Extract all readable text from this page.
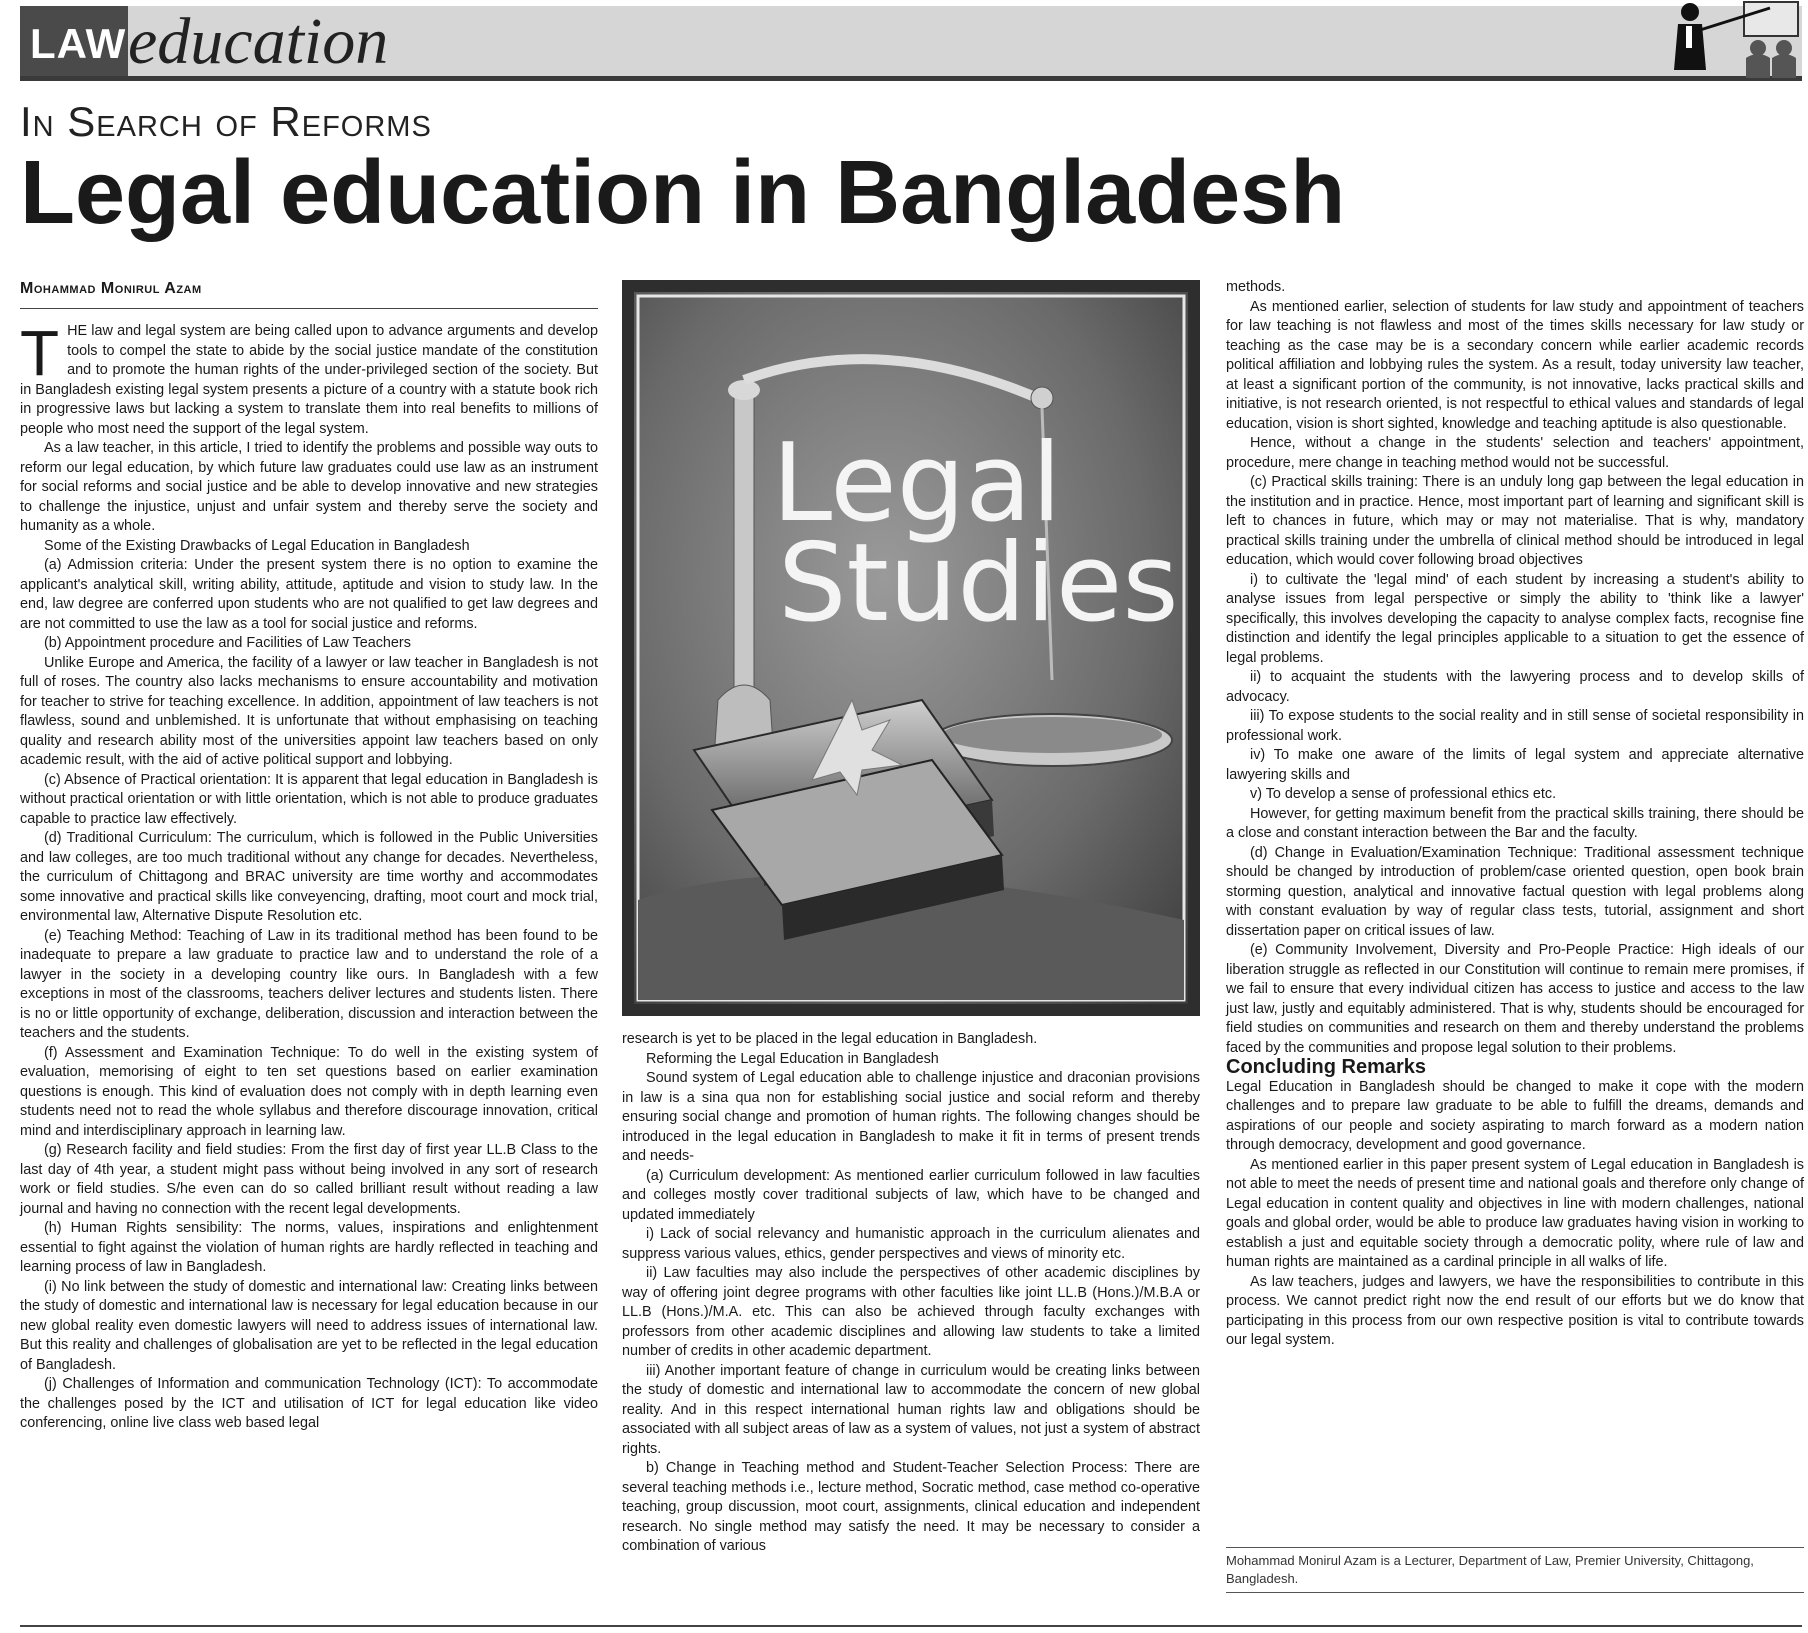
LAW education
In Search of Reforms
Legal education in Bangladesh
Mohammad Monirul Azam

THE law and legal system are being called upon to advance arguments and develop tools to compel the state to abide by the social justice mandate of the constitution and to promote the human rights of the under-privileged section of the society. But in Bangladesh existing legal system presents a picture of a country with a statute book rich in progressive laws but lacking a system to translate them into real benefits to millions of people who most need the support of the legal system.

As a law teacher, in this article, I tried to identify the problems and possible way outs to reform our legal education, by which future law graduates could use law as an instrument for social reforms and social justice and be able to develop innovative and new strategies to challenge the injustice, unjust and unfair system and thereby serve the society and humanity as a whole.

Some of the Existing Drawbacks of Legal Education in Bangladesh

(a) Admission criteria: Under the present system there is no option to examine the applicant's analytical skill, writing ability, attitude, aptitude and vision to study law. In the end, law degree are conferred upon students who are not qualified to get law degrees and are not committed to use the law as a tool for social justice and reforms.

(b) Appointment procedure and Facilities of Law Teachers

Unlike Europe and America, the facility of a lawyer or law teacher in Bangladesh is not full of roses. The country also lacks mechanisms to ensure accountability and motivation for teacher to strive for teaching excellence. In addition, appointment of law teachers is not flawless, sound and unblemished. It is unfortunate that without emphasising on teaching quality and research ability most of the universities appoint law teachers based on only academic result, with the aid of active political support and lobbying.

(c) Absence of Practical orientation: It is apparent that legal education in Bangladesh is without practical orientation or with little orientation, which is not able to produce graduates capable to practice law effectively.

(d) Traditional Curriculum: The curriculum, which is followed in the Public Universities and law colleges, are too much traditional without any change for decades. Nevertheless, the curriculum of Chittagong and BRAC university are time worthy and accommodates some innovative and practical skills like conveyencing, drafting, moot court and mock trial, environmental law, Alternative Dispute Resolution etc.

(e) Teaching Method: Teaching of Law in its traditional method has been found to be inadequate to prepare a law graduate to practice law and to understand the role of a lawyer in the society in a developing country like ours. In Bangladesh with a few exceptions in most of the classrooms, teachers deliver lectures and students listen. There is no or little opportunity of exchange, deliberation, discussion and interaction between the teachers and the students.

(f) Assessment and Examination Technique: To do well in the existing system of evaluation, memorising of eight to ten set questions based on earlier examination questions is enough. This kind of evaluation does not comply with in depth learning even students need not to read the whole syllabus and therefore discourage innovation, critical mind and interdisciplinary approach in learning law.

(g) Research facility and field studies: From the first day of first year LL.B Class to the last day of 4th year, a student might pass without being involved in any sort of research work or field studies. S/he even can do so called brilliant result without reading a law journal and having no connection with the recent legal developments.

(h) Human Rights sensibility: The norms, values, inspirations and enlightenment essential to fight against the violation of human rights are hardly reflected in teaching and learning process of law in Bangladesh.

(i) No link between the study of domestic and international law: Creating links between the study of domestic and international law is necessary for legal education because in our new global reality even domestic lawyers will need to address issues of international law. But this reality and challenges of globalisation are yet to be reflected in the legal education of Bangladesh.

(j) Challenges of Information and communication Technology (ICT): To accommodate the challenges posed by the ICT and utilisation of ICT for legal education like video conferencing, online live class web based legal

Legal
Studies

research is yet to be placed in the legal education in Bangladesh.

Reforming the Legal Education in Bangladesh

Sound system of Legal education able to challenge injustice and draconian provisions in law is a sina qua non for establishing social justice and social reform and thereby ensuring social change and promotion of human rights. The following changes should be introduced in the legal education in Bangladesh to make it fit in terms of present trends and needs-

(a) Curriculum development: As mentioned earlier curriculum followed in law faculties and colleges mostly cover traditional subjects of law, which have to be changed and updated immediately

i) Lack of social relevancy and humanistic approach in the curriculum alienates and suppress various values, ethics, gender perspectives and views of minority etc.

ii) Law faculties may also include the perspectives of other academic disciplines by way of offering joint degree programs with other faculties like joint LL.B (Hons.)/M.B.A or LL.B (Hons.)/M.A. etc. This can also be achieved through faculty exchanges with professors from other academic disciplines and allowing law students to take a limited number of credits in other academic department.

iii) Another important feature of change in curriculum would be creating links between the study of domestic and international law to accommodate the concern of new global reality. And in this respect international human rights law and obligations should be associated with all subject areas of law as a system of values, not just a system of abstract rights.

b) Change in Teaching method and Student-Teacher Selection Process: There are several teaching methods i.e., lecture method, Socratic method, case method co-operative teaching, group discussion, moot court, assignments, clinical education and independent research. No single method may satisfy the need. It may be necessary to consider a combination of various

methods.

As mentioned earlier, selection of students for law study and appointment of teachers for law teaching is not flawless and most of the times skills necessary for law study or teaching as the case may be is a secondary concern while earlier academic records political affiliation and lobbying rules the system. As a result, today university law teacher, at least a significant portion of the community, is not innovative, lacks practical skills and initiative, is not research oriented, is not respectful to ethical values and standards of legal education, vision is short sighted, knowledge and teaching aptitude is also questionable.

Hence, without a change in the students' selection and teachers' appointment, procedure, mere change in teaching method would not be successful.

(c) Practical skills training: There is an unduly long gap between the legal education in the institution and in practice. Hence, most important part of learning and significant skill is left to chances in future, which may or may not materialise. That is why, mandatory practical skills training under the umbrella of clinical method should be introduced in legal education, which would cover following broad objectives

i) to cultivate the 'legal mind' of each student by increasing a student's ability to analyse issues from legal perspective or simply the ability to 'think like a lawyer' specifically, this involves developing the capacity to analyse complex facts, recognise fine distinction and identify the legal principles applicable to a situation to get the essence of legal problems.

ii) to acquaint the students with the lawyering process and to develop skills of advocacy.

iii) To expose students to the social reality and in still sense of societal responsibility in professional work.

iv) To make one aware of the limits of legal system and appreciate alternative lawyering skills and

v) To develop a sense of professional ethics etc.

However, for getting maximum benefit from the practical skills training, there should be a close and constant interaction between the Bar and the faculty.

(d) Change in Evaluation/Examination Technique: Traditional assessment technique should be changed by introduction of problem/case oriented question, open book brain storming question, analytical and innovative factual question with legal problems along with constant evaluation by way of regular class tests, tutorial, assignment and short dissertation paper on critical issues of law.

(e) Community Involvement, Diversity and Pro-People Practice: High ideals of our liberation struggle as reflected in our Constitution will continue to remain mere promises, if we fail to ensure that every individual citizen has access to justice and access to the law just law, justly and equitably administered. That is why, students should be encouraged for field studies on communities and research on them and thereby understand the problems faced by the communities and propose legal solution to their problems.

Concluding Remarks

Legal Education in Bangladesh should be changed to make it cope with the modern challenges and to prepare law graduate to be able to fulfill the dreams, demands and aspirations of our people and society aspirating to march forward as a modern nation through democracy, development and good governance.

As mentioned earlier in this paper present system of Legal education in Bangladesh is not able to meet the needs of present time and national goals and therefore only change of Legal education in content quality and objectives in line with modern challenges, national goals and global order, would be able to produce law graduates having vision in working to establish a just and equitable society through a democratic polity, where rule of law and human rights are maintained as a cardinal principle in all walks of life.

As law teachers, judges and lawyers, we have the responsibilities to contribute in this process. We cannot predict right now the end result of our efforts but we do know that participating in this process from our own respective position is vital to contribute towards our legal system.

Mohammad Monirul Azam is a Lecturer, Department of Law, Premier University, Chittagong, Bangladesh.
